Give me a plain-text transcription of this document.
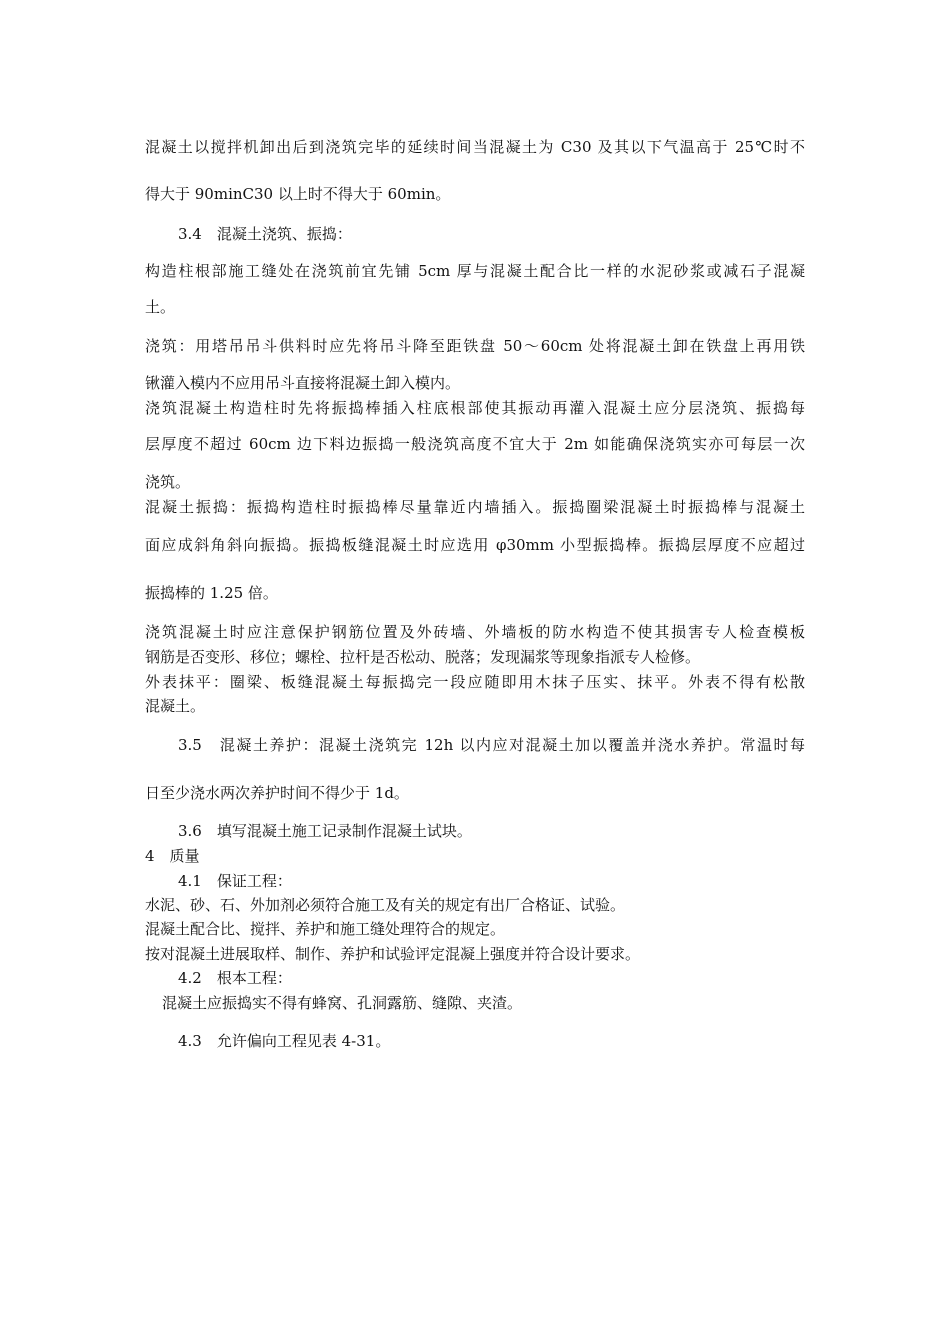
混凝土以搅拌机卸出后到浇筑完毕的延续时间当混凝土为 C30 及其以下气温高于 25℃时不
得大于 90minC30 以上时不得大于 60min。
3.4　混凝土浇筑、振捣：
构造柱根部施工缝处在浇筑前宜先铺 5cm 厚与混凝土配合比一样的水泥砂浆或减石子混凝
土。
浇筑：用塔吊吊斗供料时应先将吊斗降至距铁盘 50～60cm 处将混凝土卸在铁盘上再用铁
锹灌入模内不应用吊斗直接将混凝土卸入模内。
浇筑混凝土构造柱时先将振捣棒插入柱底根部使其振动再灌入混凝土应分层浇筑、振捣每
层厚度不超过 60cm 边下料边振捣一般浇筑高度不宜大于 2m 如能确保浇筑实亦可每层一次
浇筑。
混凝土振捣：振捣构造柱时振捣棒尽量靠近内墙插入。振捣圈梁混凝土时振捣棒与混凝土
面应成斜角斜向振捣。振捣板缝混凝土时应选用 φ30mm 小型振捣棒。振捣层厚度不应超过
振捣棒的 1.25 倍。
浇筑混凝土时应注意保护钢筋位置及外砖墙、外墙板的防水构造不使其损害专人检查模板
钢筋是否变形、移位；螺栓、拉杆是否松动、脱落；发现漏浆等现象指派专人检修。
外表抹平：圈梁、板缝混凝土每振捣完一段应随即用木抹子压实、抹平。外表不得有松散
混凝土。
3.5　混凝土养护：混凝土浇筑完 12h 以内应对混凝土加以覆盖并浇水养护。常温时每
日至少浇水两次养护时间不得少于 1d。
3.6　填写混凝土施工记录制作混凝土试块。
4　质量
4.1　保证工程：
水泥、砂、石、外加剂必须符合施工及有关的规定有出厂合格证、试验。
混凝土配合比、搅拌、养护和施工缝处理符合的规定。
按对混凝土进展取样、制作、养护和试验评定混凝上强度并符合设计要求。
4.2　根本工程：
混凝土应振捣实不得有蜂窝、孔洞露筋、缝隙、夹渣。
4.3　允许偏向工程见表 4-31。
